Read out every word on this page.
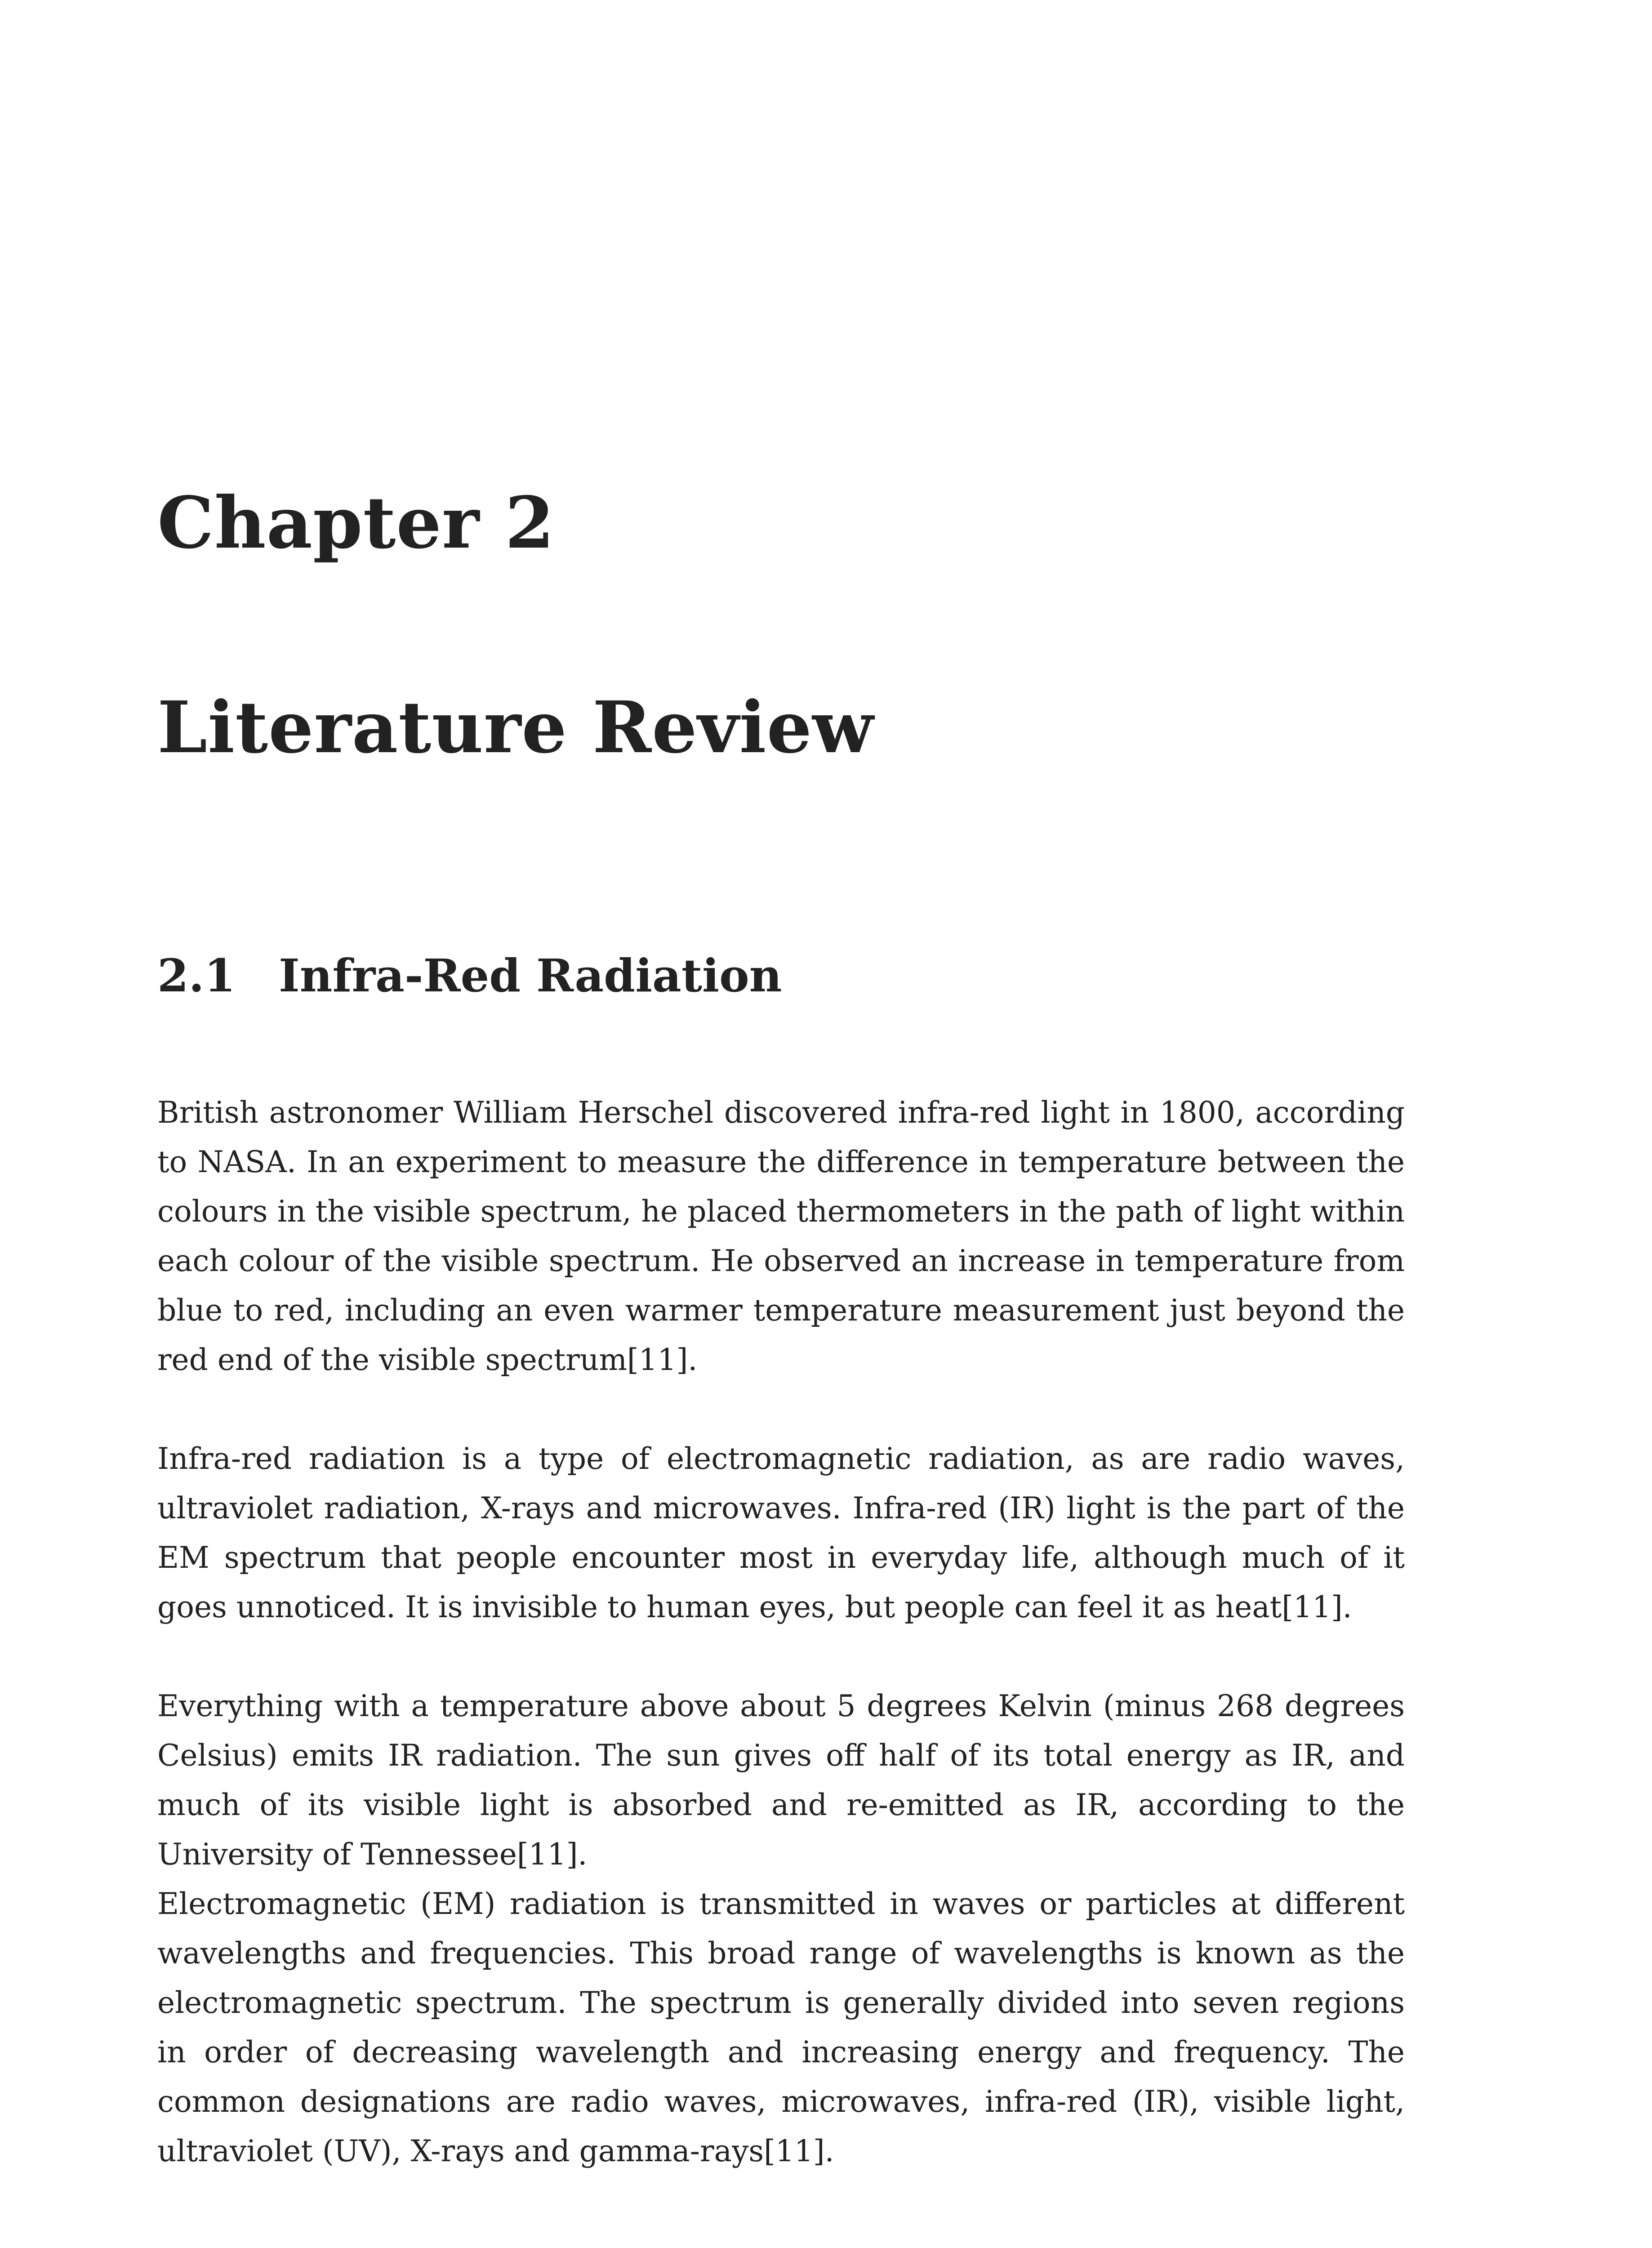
Chapter 2
Literature Review
2.1 Infra-Red Radiation

British astronomer William Herschel discovered infra-red light in 1800, according to NASA. In an experiment to measure the difference in temperature between the colours in the visible spectrum, he placed thermometers in the path of light within each colour of the visible spectrum. He observed an increase in temperature from blue to red, including an even warmer temperature measurement just beyond the red end of the visible spectrum[11].

Infra-red radiation is a type of electromagnetic radiation, as are radio waves, ultraviolet radiation, X-rays and microwaves. Infra-red (IR) light is the part of the EM spectrum that people encounter most in everyday life, although much of it goes unnoticed. It is invisible to human eyes, but people can feel it as heat[11].

Everything with a temperature above about 5 degrees Kelvin (minus 268 degrees Celsius) emits IR radiation. The sun gives off half of its total energy as IR, and much of its visible light is absorbed and re-emitted as IR, according to the University of Tennessee[11].

Electromagnetic (EM) radiation is transmitted in waves or particles at different wavelengths and frequencies. This broad range of wavelengths is known as the electromagnetic spectrum. The spectrum is generally divided into seven regions in order of decreasing wavelength and increasing energy and frequency. The common designations are radio waves, microwaves, infra-red (IR), visible light, ultraviolet (UV), X-rays and gamma-rays[11].
